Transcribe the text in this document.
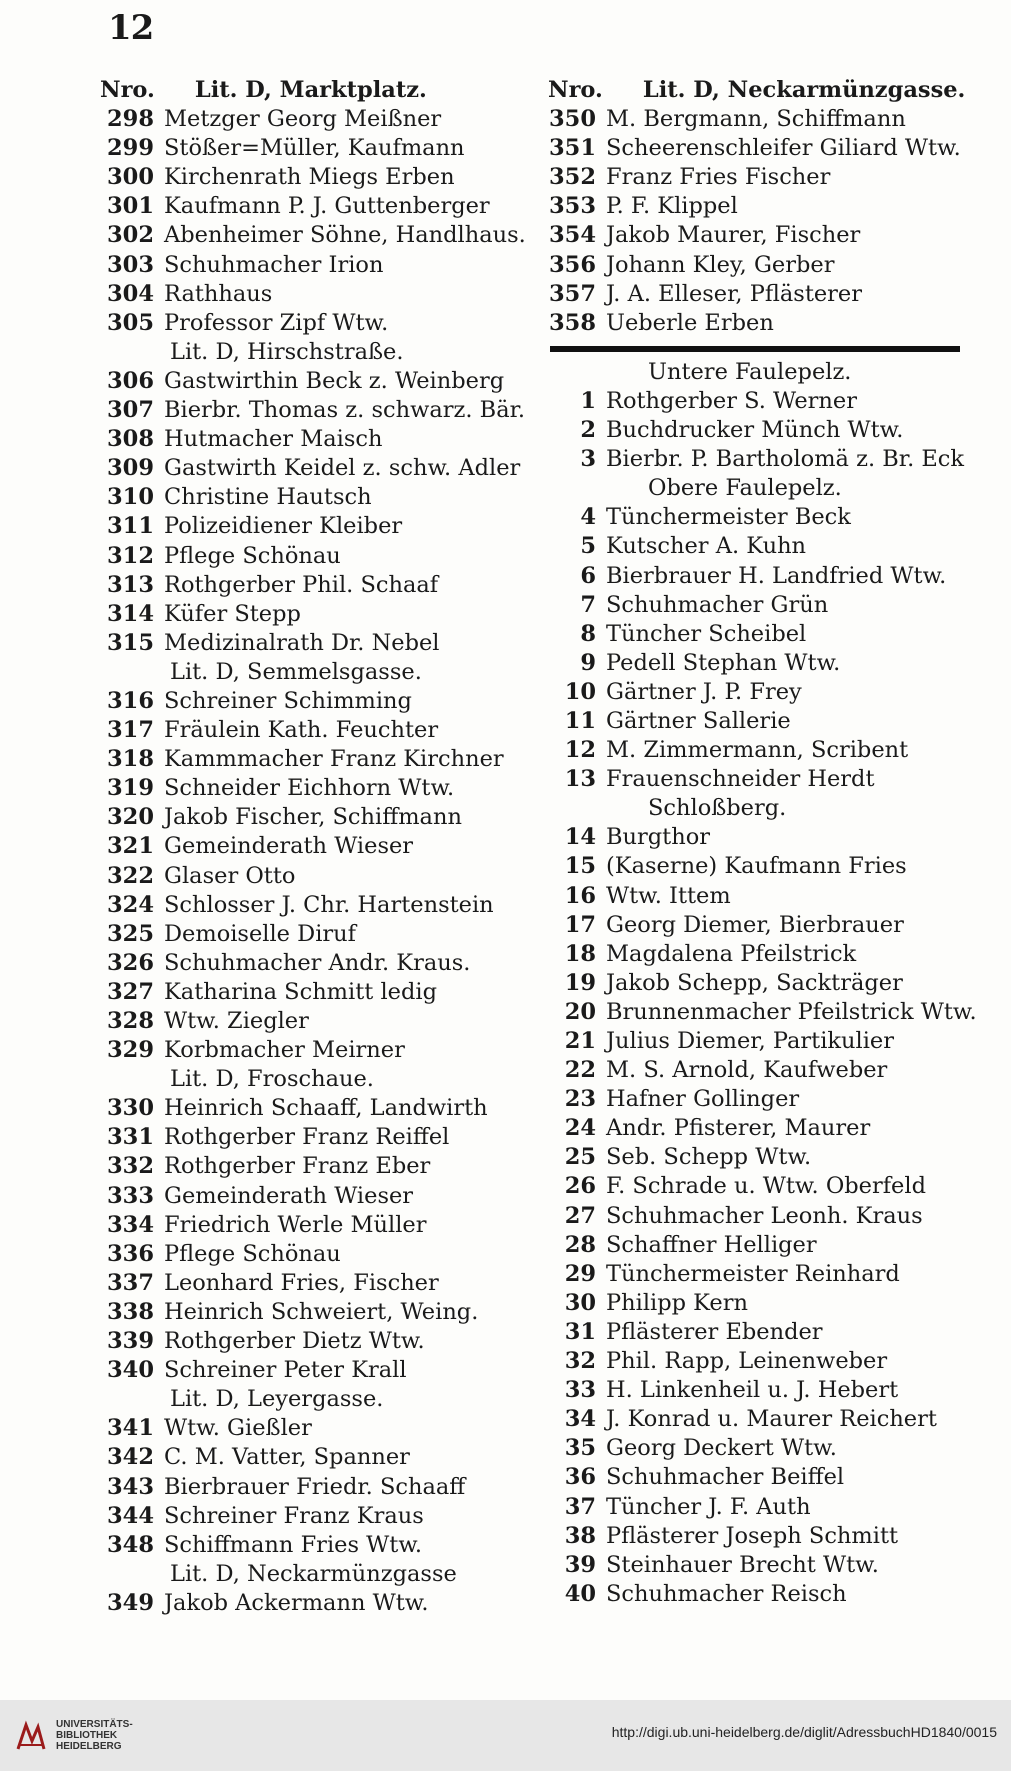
12
Nro.	Lit. D, Marktplatz.
298 Metzger Georg Meißner
299 Stößer=Müller, Kaufmann
300 Kirchenrath Miegs Erben
301 Kaufmann P. J. Guttenberger
302 Abenheimer Söhne, Handlhaus.
303 Schuhmacher Irion
304 Rathhaus
305 Professor Zipf Wtw.
Lit. D, Hirschstraße.
306 Gastwirthin Beck z. Weinberg
307 Bierbr. Thomas z. schwarz. Bär.
308 Hutmacher Maisch
309 Gastwirth Keidel z. schw. Adler
310 Christine Hautsch
311 Polizeidiener Kleiber
312 Pflege Schönau
313 Rothgerber Phil. Schaaf
314 Küfer Stepp
315 Medizinalrath Dr. Nebel
Lit. D, Semmelsgasse.
316 Schreiner Schimming
317 Fräulein Kath. Feuchter
318 Kammmacher Franz Kirchner
319 Schneider Eichhorn Wtw.
320 Jakob Fischer, Schiffmann
321 Gemeinderath Wieser
322 Glaser Otto
324 Schlosser J. Chr. Hartenstein
325 Demoiselle Diruf
326 Schuhmacher Andr. Kraus.
327 Katharina Schmitt ledig
328 Wtw. Ziegler
329 Korbmacher Meirner
Lit. D, Froschaue.
330 Heinrich Schaaff, Landwirth
331 Rothgerber Franz Reiffel
332 Rothgerber Franz Eber
333 Gemeinderath Wieser
334 Friedrich Werle Müller
336 Pflege Schönau
337 Leonhard Fries, Fischer
338 Heinrich Schweiert, Weing.
339 Rothgerber Dietz Wtw.
340 Schreiner Peter Krall
Lit. D, Leyergasse.
341 Wtw. Gießler
342 C. M. Vatter, Spanner
343 Bierbrauer Friedr. Schaaff
344 Schreiner Franz Kraus
348 Schiffmann Fries Wtw.
Lit. D, Neckarmünzgasse
349 Jakob Ackermann Wtw.
Nro.	Lit. D, Neckarmünzgasse.
350 M. Bergmann, Schiffmann
351 Scheerenschleifer Giliard Wtw.
352 Franz Fries Fischer
353 P. F. Klippel
354 Jakob Maurer, Fischer
356 Johann Kley, Gerber
357 J. A. Elleser, Pflästerer
358 Ueberle Erben
Untere Faulepelz.
1 Rothgerber S. Werner
2 Buchdrucker Münch Wtw.
3 Bierbr. P. Bartholomä z. Br. Eck
Obere Faulepelz.
4 Tünchermeister Beck
5 Kutscher A. Kuhn
6 Bierbrauer H. Landfried Wtw.
7 Schuhmacher Grün
8 Tüncher Scheibel
9 Pedell Stephan Wtw.
10 Gärtner J. P. Frey
11 Gärtner Sallerie
12 M. Zimmermann, Scribent
13 Frauenschneider Herdt
Schloßberg.
14 Burgthor
15 (Kaserne) Kaufmann Fries
16 Wtw. Ittem
17 Georg Diemer, Bierbrauer
18 Magdalena Pfeilstrick
19 Jakob Schepp, Sackträger
20 Brunnenmacher Pfeilstrick Wtw.
21 Julius Diemer, Partikulier
22 M. S. Arnold, Kaufweber
23 Hafner Gollinger
24 Andr. Pfisterer, Maurer
25 Seb. Schepp Wtw.
26 F. Schrade u. Wtw. Oberfeld
27 Schuhmacher Leonh. Kraus
28 Schaffner Helliger
29 Tünchermeister Reinhard
30 Philipp Kern
31 Pflästerer Ebender
32 Phil. Rapp, Leinenweber
33 H. Linkenheil u. J. Hebert
34 J. Konrad u. Maurer Reichert
35 Georg Deckert Wtw.
36 Schuhmacher Beiffel
37 Tüncher J. F. Auth
38 Pflästerer Joseph Schmitt
39 Steinhauer Brecht Wtw.
40 Schuhmacher Reisch
UNIVERSITÄTS-
BIBLIOTHEK
HEIDELBERG
http://digi.ub.uni-heidelberg.de/diglit/AdressbuchHD1840/0015
